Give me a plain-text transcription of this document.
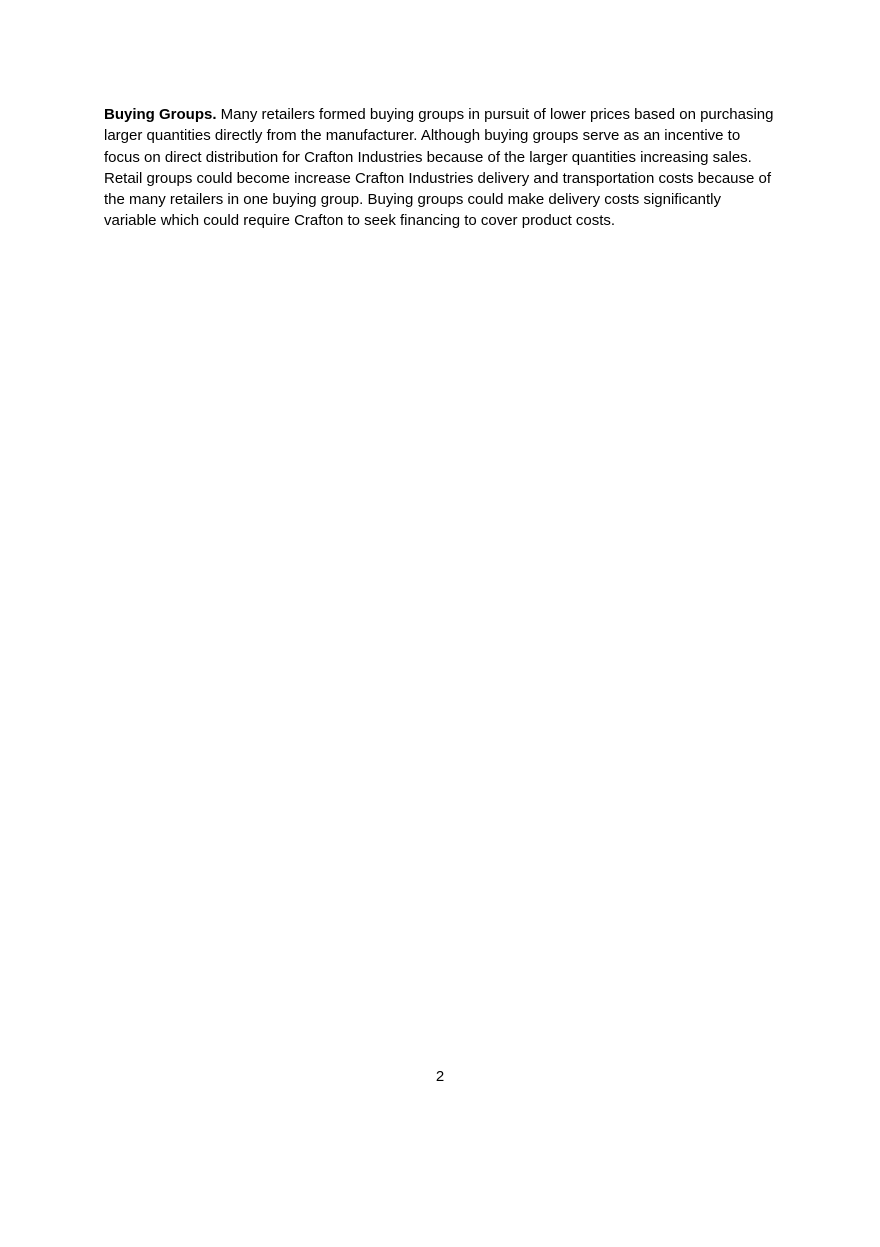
Buying Groups. Many retailers formed buying groups in pursuit of lower prices based on purchasing larger quantities directly from the manufacturer. Although buying groups serve as an incentive to focus on direct distribution for Crafton Industries because of the larger quantities increasing sales. Retail groups could become increase Crafton Industries delivery and transportation costs because of the many retailers in one buying group. Buying groups could make delivery costs significantly variable which could require Crafton to seek financing to cover product costs.

2
